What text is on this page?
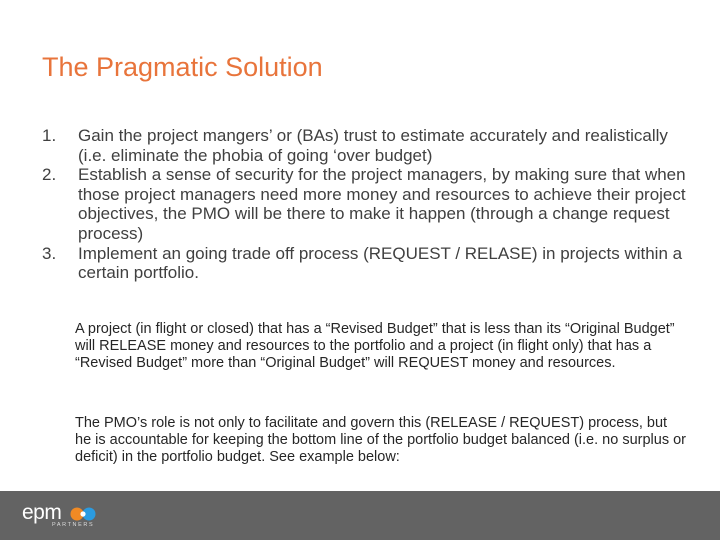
The Pragmatic Solution
1. Gain the project mangers’ or (BAs) trust to estimate accurately and realistically (i.e. eliminate the phobia of going ‘over budget)
2. Establish a sense of security for the project managers, by making sure that when those project managers need more money and resources to achieve their project objectives, the PMO will be there to make it happen (through a change request process)
3. Implement an going trade off process (REQUEST / RELASE) in projects within a certain portfolio.

A project (in flight or closed) that has a “Revised Budget” that is less than its “Original Budget” will RELEASE money and resources to the portfolio and a project (in flight only) that has a “Revised Budget” more than “Original Budget” will REQUEST money and resources.

The PMO’s role is not only to facilitate and govern this (RELEASE / REQUEST) process, but he is accountable for keeping the bottom line of the portfolio budget balanced (i.e. no surplus or deficit) in the portfolio budget. See example below:

epm
PARTNERS
